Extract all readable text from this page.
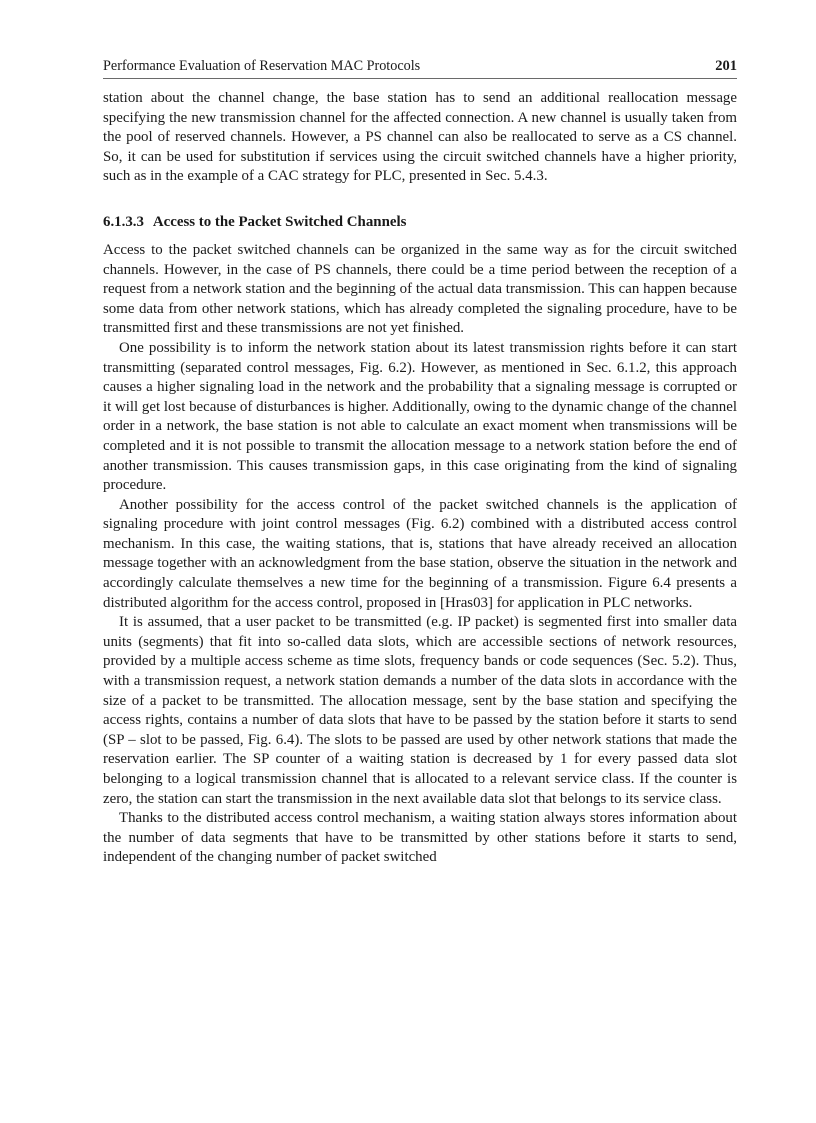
Performance Evaluation of Reservation MAC Protocols	201

station about the channel change, the base station has to send an additional reallocation message specifying the new transmission channel for the affected connection. A new channel is usually taken from the pool of reserved channels. However, a PS channel can also be reallocated to serve as a CS channel. So, it can be used for substitution if services using the circuit switched channels have a higher priority, such as in the example of a CAC strategy for PLC, presented in Sec. 5.4.3.

6.1.3.3 Access to the Packet Switched Channels

Access to the packet switched channels can be organized in the same way as for the circuit switched channels. However, in the case of PS channels, there could be a time period between the reception of a request from a network station and the beginning of the actual data transmission. This can happen because some data from other network stations, which has already completed the signaling procedure, have to be transmitted first and these transmissions are not yet finished.

One possibility is to inform the network station about its latest transmission rights before it can start transmitting (separated control messages, Fig. 6.2). However, as mentioned in Sec. 6.1.2, this approach causes a higher signaling load in the network and the probability that a signaling message is corrupted or it will get lost because of disturbances is higher. Additionally, owing to the dynamic change of the channel order in a network, the base station is not able to calculate an exact moment when transmissions will be completed and it is not possible to transmit the allocation message to a network station before the end of another transmission. This causes transmission gaps, in this case originating from the kind of signaling procedure.

Another possibility for the access control of the packet switched channels is the application of signaling procedure with joint control messages (Fig. 6.2) combined with a distributed access control mechanism. In this case, the waiting stations, that is, stations that have already received an allocation message together with an acknowledgment from the base station, observe the situation in the network and accordingly calculate themselves a new time for the beginning of a transmission. Figure 6.4 presents a distributed algorithm for the access control, proposed in [Hras03] for application in PLC networks.

It is assumed, that a user packet to be transmitted (e.g. IP packet) is segmented first into smaller data units (segments) that fit into so-called data slots, which are accessible sections of network resources, provided by a multiple access scheme as time slots, frequency bands or code sequences (Sec. 5.2). Thus, with a transmission request, a network station demands a number of the data slots in accordance with the size of a packet to be transmitted. The allocation message, sent by the base station and specifying the access rights, contains a number of data slots that have to be passed by the station before it starts to send (SP – slot to be passed, Fig. 6.4). The slots to be passed are used by other network stations that made the reservation earlier. The SP counter of a waiting station is decreased by 1 for every passed data slot belonging to a logical transmission channel that is allocated to a relevant service class. If the counter is zero, the station can start the transmission in the next available data slot that belongs to its service class.

Thanks to the distributed access control mechanism, a waiting station always stores information about the number of data segments that have to be transmitted by other stations before it starts to send, independent of the changing number of packet switched
